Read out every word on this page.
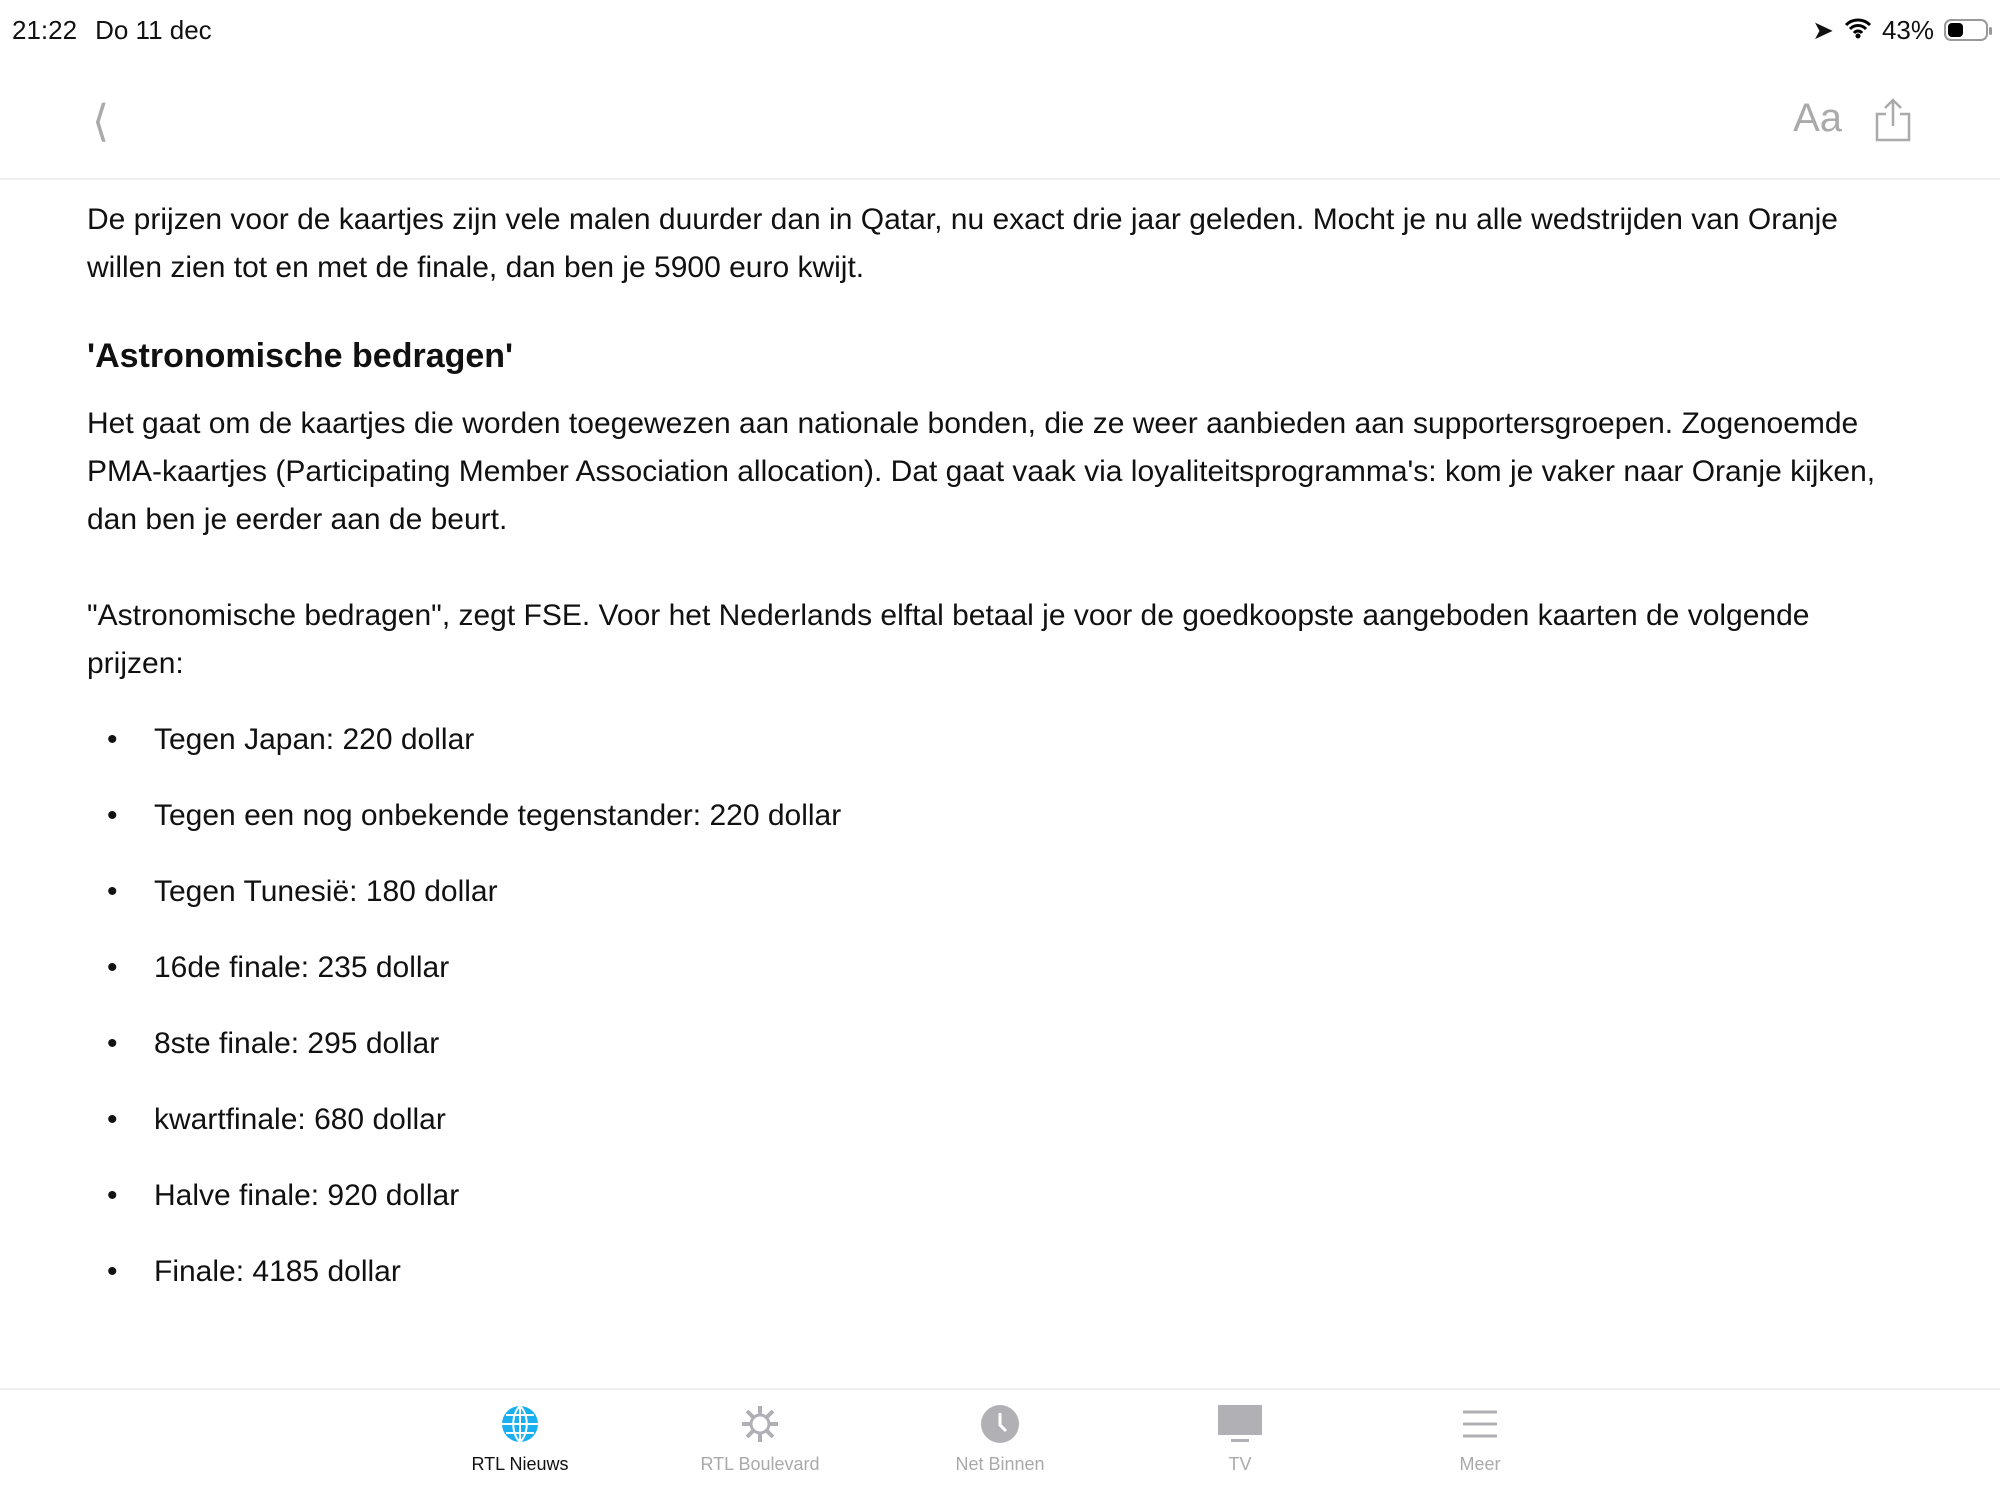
21:22 Do 11 dec	➤ 43%
⟨	Aa

De prijzen voor de kaartjes zijn vele malen duurder dan in Qatar, nu exact drie jaar geleden. Mocht je nu alle wedstrijden van Oranje willen zien tot en met de finale, dan ben je 5900 euro kwijt.

'Astronomische bedragen'

Het gaat om de kaartjes die worden toegewezen aan nationale bonden, die ze weer aanbieden aan supportersgroepen. Zogenoemde PMA-kaartjes (Participating Member Association allocation). Dat gaat vaak via loyaliteitsprogramma's: kom je vaker naar Oranje kijken, dan ben je eerder aan de beurt.

"Astronomische bedragen", zegt FSE. Voor het Nederlands elftal betaal je voor de goedkoopste aangeboden kaarten de volgende prijzen:

• Tegen Japan: 220 dollar
• Tegen een nog onbekende tegenstander: 220 dollar
• Tegen Tunesië: 180 dollar
• 16de finale: 235 dollar
• 8ste finale: 295 dollar
• kwartfinale: 680 dollar
• Halve finale: 920 dollar
• Finale: 4185 dollar
RTL Nieuws	RTL Boulevard	Net Binnen	TV	Meer
